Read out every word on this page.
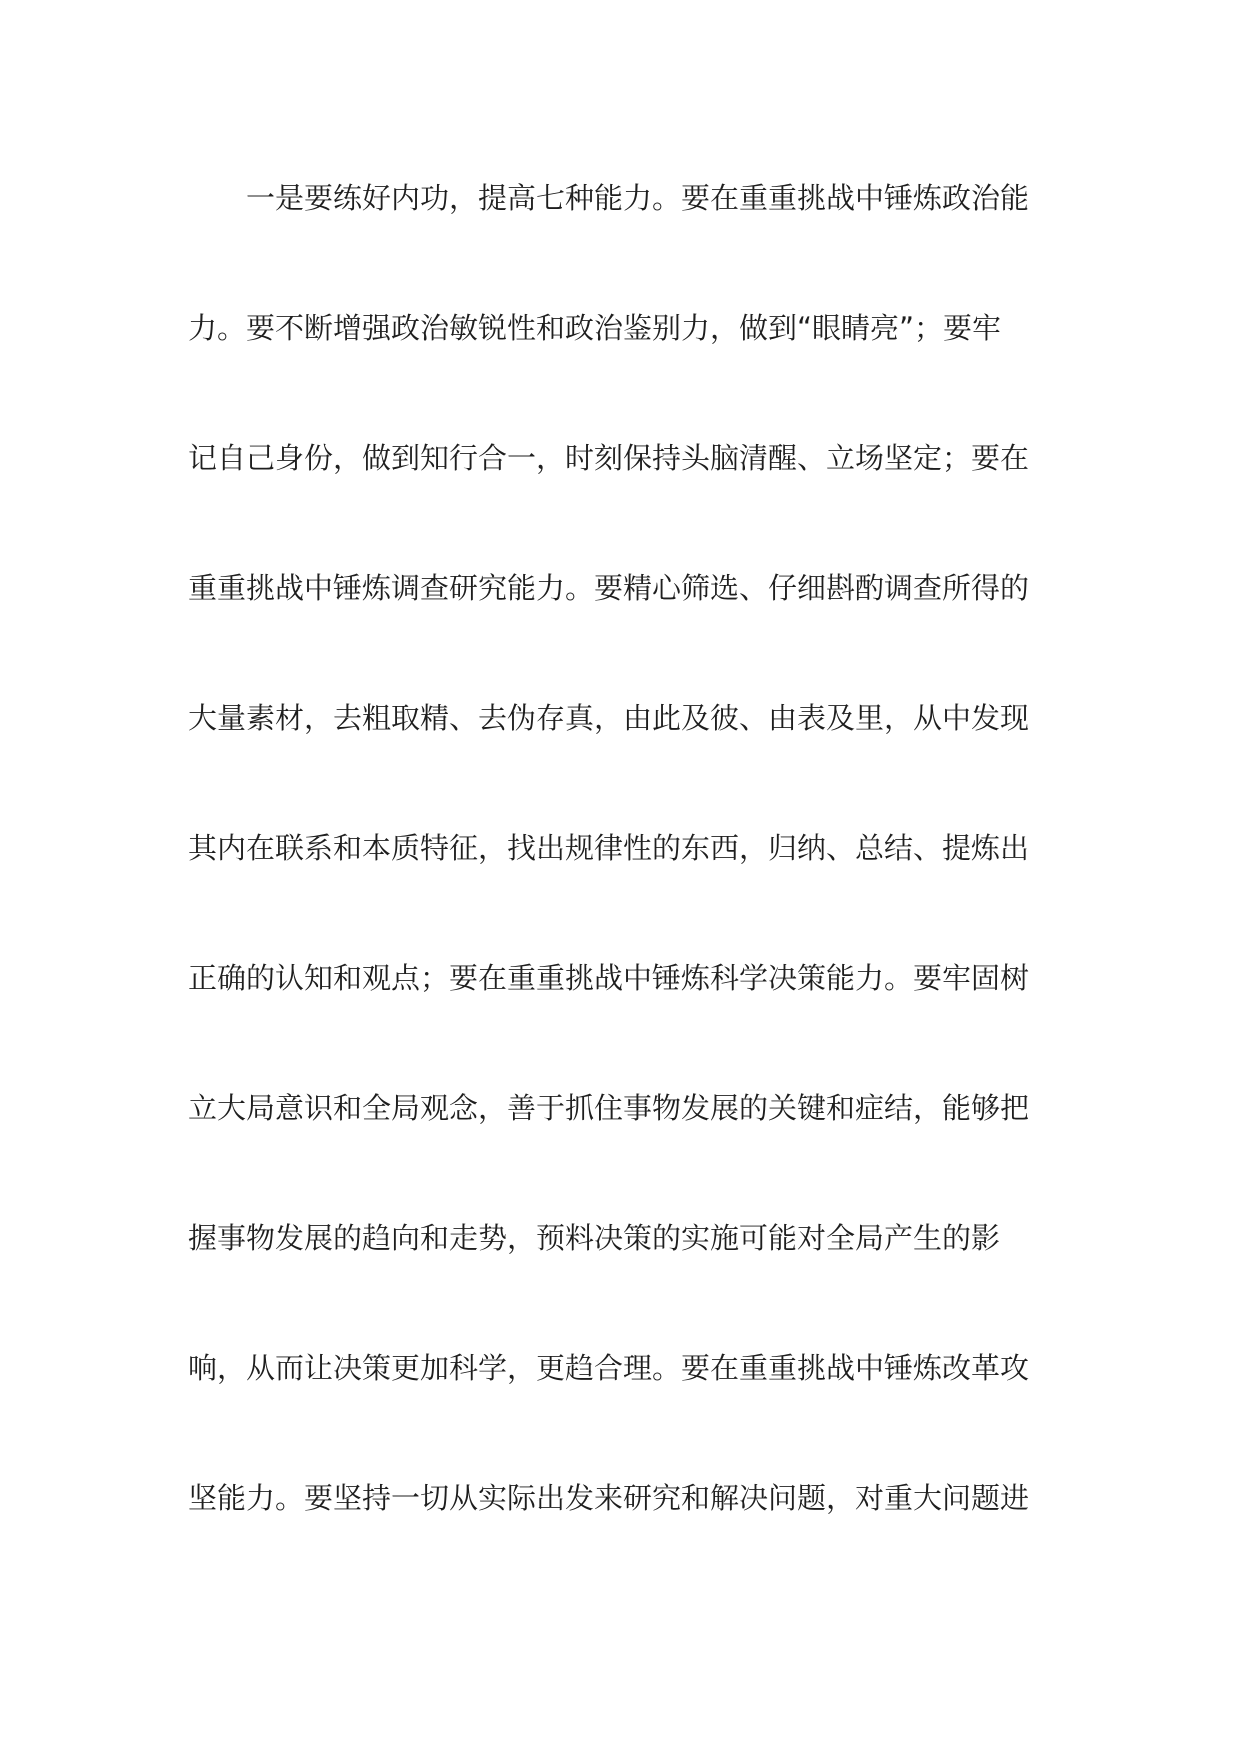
一是要练好内功，提高七种能力。要在重重挑战中锤炼政治能
力。要不断增强政治敏锐性和政治鉴别力，做到“眼睛亮”；要牢
记自己身份，做到知行合一，时刻保持头脑清醒、立场坚定；要在
重重挑战中锤炼调查研究能力。要精心筛选、仔细斟酌调查所得的
大量素材，去粗取精、去伪存真，由此及彼、由表及里，从中发现
其内在联系和本质特征，找出规律性的东西，归纳、总结、提炼出
正确的认知和观点；要在重重挑战中锤炼科学决策能力。要牢固树
立大局意识和全局观念，善于抓住事物发展的关键和症结，能够把
握事物发展的趋向和走势，预料决策的实施可能对全局产生的影
响，从而让决策更加科学，更趋合理。要在重重挑战中锤炼改革攻
坚能力。要坚持一切从实际出发来研究和解决问题，对重大问题进
